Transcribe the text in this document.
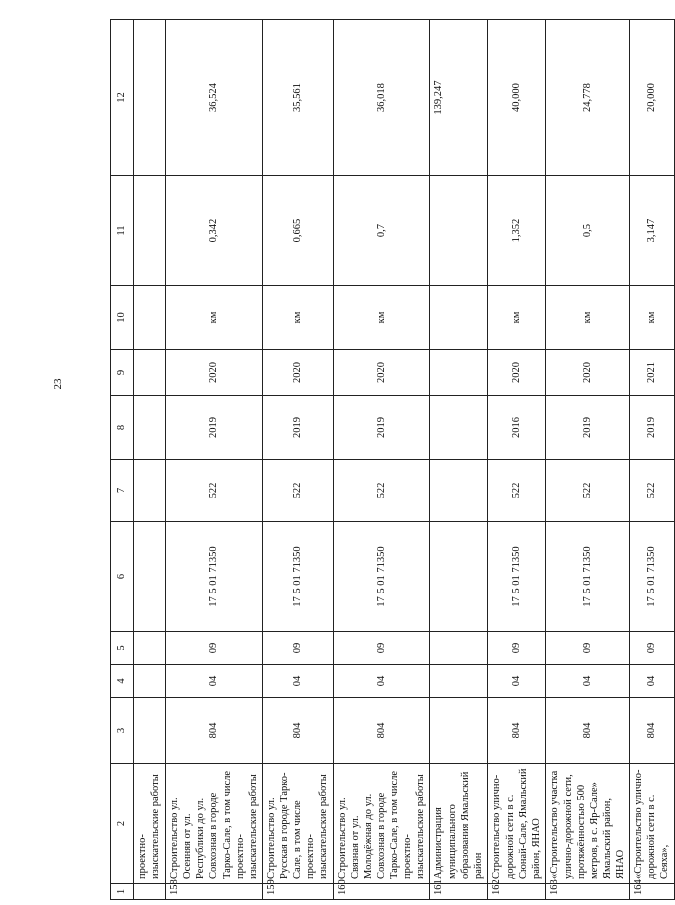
23
1	2	3	4	5	6	7	8	9	10	11	12
	проектно-изыскательские работы										
158	Строительство ул. Осенняя от ул. Республики до ул. Совхозная в городе Тарко-Сале, в том числе проектно-изыскательские работы	804	04	09	17 5 01 71350	522	2019	2020	км	0,342	36,524
159	Строительство ул. Русская в городе Тарко-Сале, в том числе проектно-изыскательские работы	804	04	09	17 5 01 71350	522	2019	2020	км	0,665	35,561
160	Строительство ул. Связная от ул. Молодёжная до ул. Совхозная в городе Тарко-Сале, в том числе проектно-изыскательские работы	804	04	09	17 5 01 71350	522	2019	2020	км	0,7	36,018
161	Администрация муниципального образования Ямальский район										139,247
162	Строительство улично-дорожной сети в с. Сюнай-Сале, Ямальский район, ЯНАО	804	04	09	17 5 01 71350	522	2016	2020	км	1,352	40,000
163	«Строительство участка улично-дорожной сети, протяжённостью 500 метров, в с. Яр-Сале» Ямальский район, ЯНАО	804	04	09	17 5 01 71350	522	2019	2020	км	0,5	24,778
164	«Строительство улично-дорожной сети в с. Сеяха»,	804	04	09	17 5 01 71350	522	2019	2021	км	3,147	20,000
